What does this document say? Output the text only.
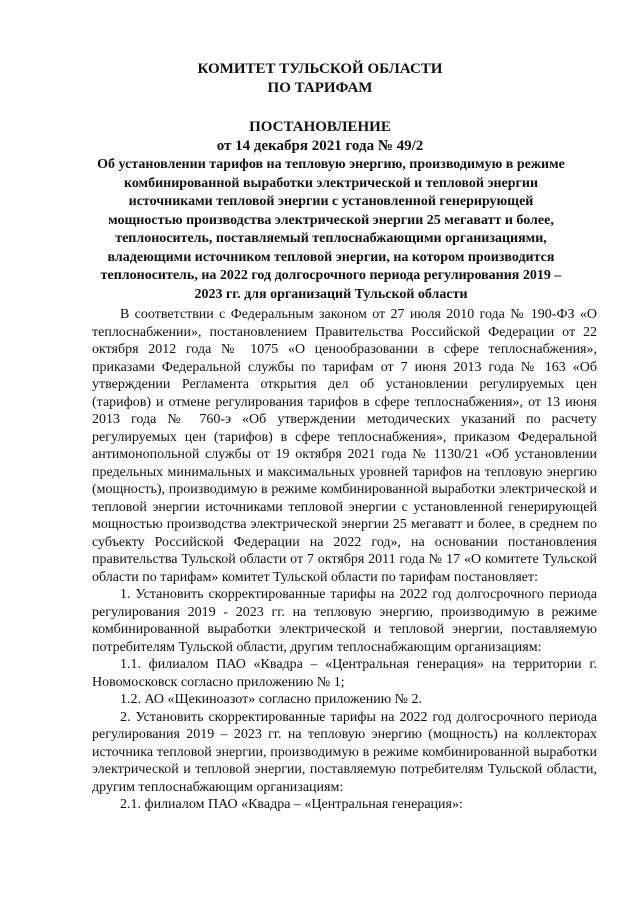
КОМИТЕТ ТУЛЬСКОЙ ОБЛАСТИ
ПО ТАРИФАМ
ПОСТАНОВЛЕНИЕ
от 14 декабря 2021 года № 49/2
Об установлении тарифов на тепловую энергию, производимую в режиме комбинированной выработки электрической и тепловой энергии источниками тепловой энергии с установленной генерирующей мощностью производства электрической энергии 25 мегаватт и более, теплоноситель, поставляемый теплоснабжающими организациями, владеющими источником тепловой энергии, на котором производится теплоноситель, на 2022 год долгосрочного периода регулирования 2019 – 2023 гг. для организаций Тульской области

В соответствии с Федеральным законом от 27 июля 2010 года № 190-ФЗ «О теплоснабжении», постановлением Правительства Российской Федерации от 22 октября 2012 года № 1075 «О ценообразовании в сфере теплоснабжения», приказами Федеральной службы по тарифам от 7 июня 2013 года № 163 «Об утверждении Регламента открытия дел об установлении регулируемых цен (тарифов) и отмене регулирования тарифов в сфере теплоснабжения», от 13 июня 2013 года № 760-э «Об утверждении методических указаний по расчету регулируемых цен (тарифов) в сфере теплоснабжения», приказом Федеральной антимонопольной службы от 19 октября 2021 года № 1130/21 «Об установлении предельных минимальных и максимальных уровней тарифов на тепловую энергию (мощность), производимую в режиме комбинированной выработки электрической и тепловой энергии источниками тепловой энергии с установленной генерирующей мощностью производства электрической энергии 25 мегаватт и более, в среднем по субъекту Российской Федерации на 2022 год», на основании постановления правительства Тульской области от 7 октября 2011 года № 17 «О комитете Тульской области по тарифам» комитет Тульской области по тарифам постановляет:

1. Установить скорректированные тарифы на 2022 год долгосрочного периода регулирования 2019 - 2023 гг. на тепловую энергию, производимую в режиме комбинированной выработки электрической и тепловой энергии, поставляемую потребителям Тульской области, другим теплоснабжающим организациям:

1.1. филиалом ПАО «Квадра – «Центральная генерация» на территории г. Новомосковск согласно приложению № 1;

1.2. АО «Щекиноазот» согласно приложению № 2.

2. Установить скорректированные тарифы на 2022 год долгосрочного периода регулирования 2019 – 2023 гг. на тепловую энергию (мощность) на коллекторах источника тепловой энергии, производимую в режиме комбинированной выработки электрической и тепловой энергии, поставляемую потребителям Тульской области, другим теплоснабжающим организациям:

2.1. филиалом ПАО «Квадра – «Центральная генерация»:
